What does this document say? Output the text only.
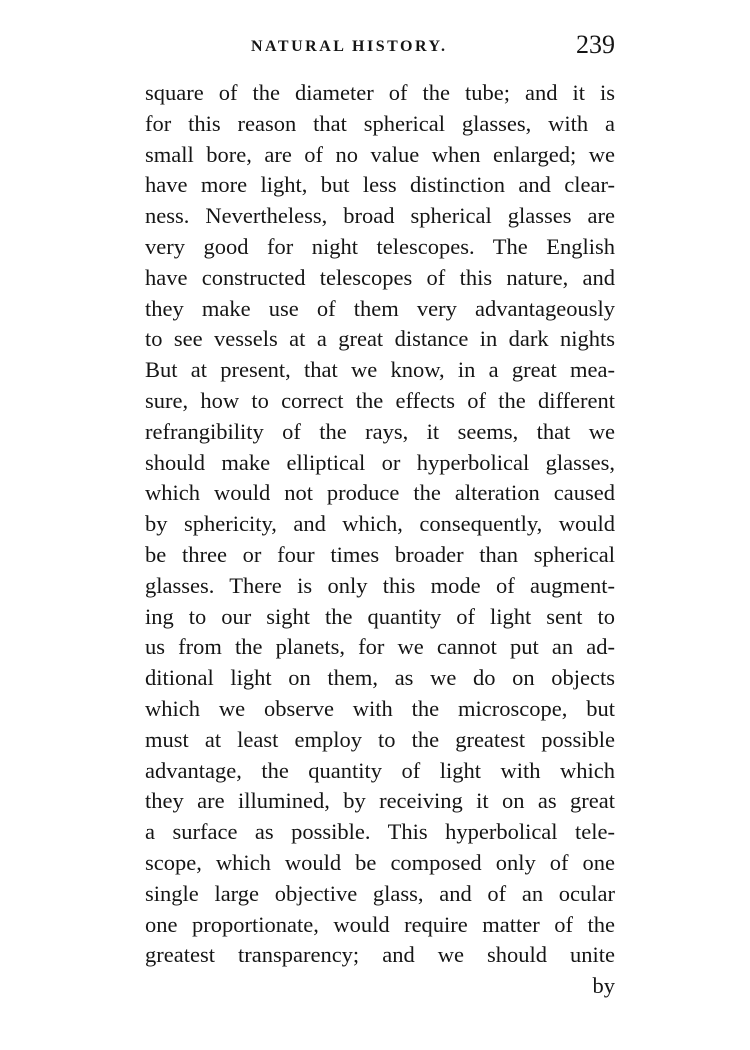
NATURAL HISTORY.	239
square of the diameter of the tube; and it is
for this reason that spherical glasses, with a
small bore, are of no value when enlarged; we
have more light, but less distinction and clear-
ness. Nevertheless, broad spherical glasses are
very good for night telescopes. The English
have constructed telescopes of this nature, and
they make use of them very advantageously
to see vessels at a great distance in dark nights
But at present, that we know, in a great mea-
sure, how to correct the effects of the different
refrangibility of the rays, it seems, that we
should make elliptical or hyperbolical glasses,
which would not produce the alteration caused
by sphericity, and which, consequently, would
be three or four times broader than spherical
glasses. There is only this mode of augment-
ing to our sight the quantity of light sent to
us from the planets, for we cannot put an ad-
ditional light on them, as we do on objects
which we observe with the microscope, but
must at least employ to the greatest possible
advantage, the quantity of light with which
they are illumined, by receiving it on as great
a surface as possible. This hyperbolical tele-
scope, which would be composed only of one
single large objective glass, and of an ocular
one proportionate, would require matter of the
greatest transparency; and we should unite
by
